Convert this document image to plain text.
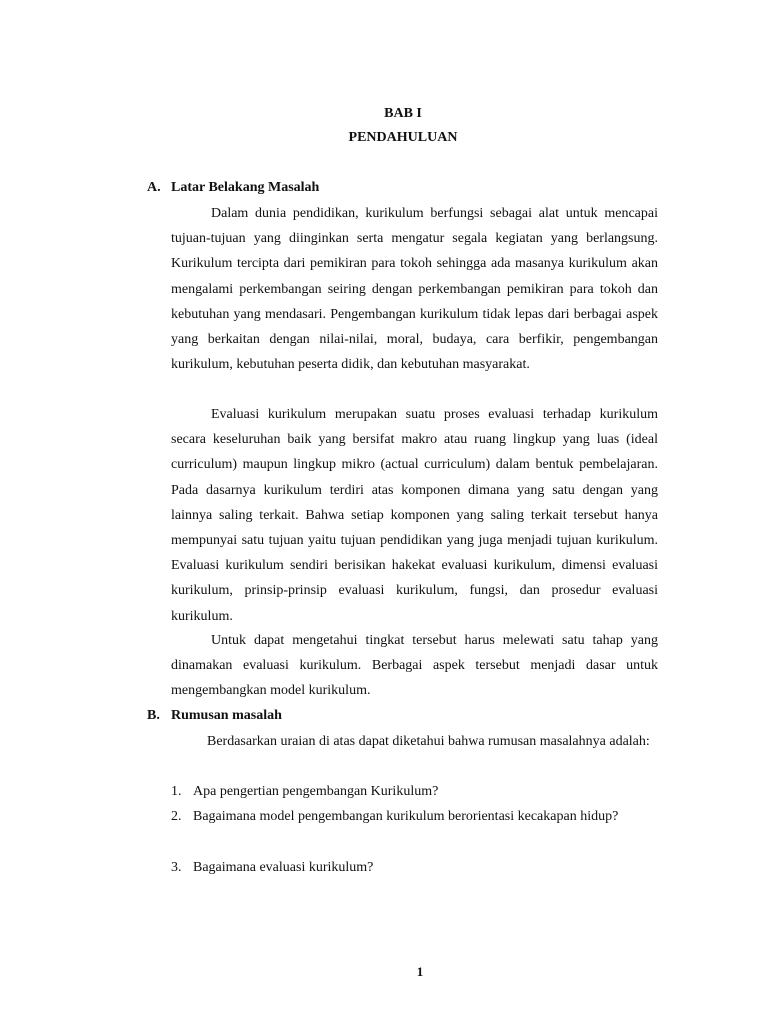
BAB I
PENDAHULUAN
A. Latar Belakang Masalah

Dalam dunia pendidikan, kurikulum berfungsi sebagai alat untuk mencapai tujuan-tujuan yang diinginkan serta mengatur segala kegiatan yang berlangsung. Kurikulum tercipta dari pemikiran para tokoh sehingga ada masanya kurikulum akan mengalami perkembangan seiring dengan perkembangan pemikiran para tokoh dan kebutuhan yang mendasari. Pengembangan kurikulum tidak lepas dari berbagai aspek yang berkaitan dengan nilai-nilai, moral, budaya, cara berfikir, pengembangan kurikulum, kebutuhan peserta didik, dan kebutuhan masyarakat.

Evaluasi kurikulum merupakan suatu proses evaluasi terhadap kurikulum secara keseluruhan baik yang bersifat makro atau ruang lingkup yang luas (ideal curriculum) maupun lingkup mikro (actual curriculum) dalam bentuk pembelajaran. Pada dasarnya kurikulum terdiri atas komponen dimana yang satu dengan yang lainnya saling terkait. Bahwa setiap komponen yang saling terkait tersebut hanya mempunyai satu tujuan yaitu tujuan pendidikan yang juga menjadi tujuan kurikulum. Evaluasi kurikulum sendiri berisikan hakekat evaluasi kurikulum, dimensi evaluasi kurikulum, prinsip-prinsip evaluasi kurikulum, fungsi, dan prosedur evaluasi kurikulum.

Untuk dapat mengetahui tingkat tersebut harus melewati satu tahap yang dinamakan evaluasi kurikulum. Berbagai aspek tersebut menjadi dasar untuk mengembangkan model kurikulum.

B. Rumusan masalah

Berdasarkan uraian di atas dapat diketahui bahwa rumusan masalahnya adalah:

1. Apa pengertian pengembangan Kurikulum?
2. Bagaimana model pengembangan kurikulum berorientasi kecakapan hidup?
3. Bagaimana evaluasi kurikulum?
1
